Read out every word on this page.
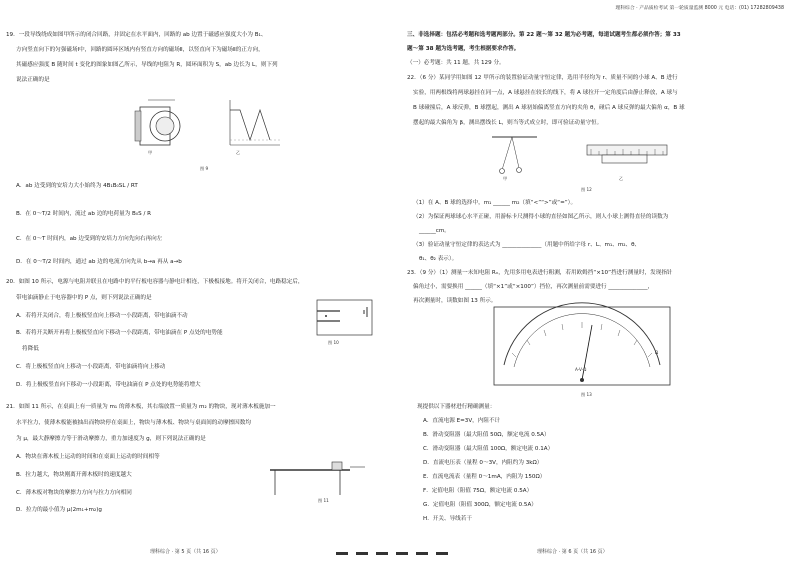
19．一段导线绕成如图甲所示的闭合回路，并固定在水平面内，回路的 ab 边置于磁感应强度大小为 B₁、
方向竖直向下的匀强磁场Ⅰ中，回路的圆环区域内有竖直方向的磁场Ⅱ，以竖直向下为磁场Ⅱ的正方向，
其磁感应强度 B 随时间 t 变化的图象如图乙所示，导线的电阻为 R，圆环面积为 S，ab 边长为 L，则下列
说法正确的是
甲	乙
图 9
A．ab 边受到的安培力大小始终为 4B₁B₀SL / RT
B．在 0～T/2 时间内，流过 ab 边的电荷量为 B₀S / R
C．在 0～T 时间内，ab 边受到的安培力方向先向右再向左
D．在 0～T/2 时间内，通过 ab 边的电流方向先从 b→a 再从 a→b
20．如图 10 所示，电源与电阻并联且在电路中的平行板电容器与静电计相连，下极板接地。将开关闭合，电路稳定后，
带电油滴静止于电容器中的 P 点，则下列说法正确的是
A．若将开关闭合，将上极板竖直向上移动一小段距离，带电油滴不动
B．若将开关断开再将上极板竖直向下移动一小段距离，带电油滴在 P 点处的电势能
将降低
C．将上极板竖直向上移动一小段距离，带电油滴将向上移动
D．将上极板竖直向下移动一小段距离，带电油滴在 P 点处的电势能将增大
图 10
21．如图 11 所示，在桌面上有一质量为 m₁ 的薄木板，其右端放置一质量为 m₂ 的物块，现对薄木板施加一
水平拉力，使薄木板能被抽出而物块停在桌面上，物块与薄木板、物块与桌面间的动摩擦因数均
为 μ，最大静摩擦力等于滑动摩擦力，重力加速度为 g，则下列说法正确的是
A．物块在薄木板上运动的时间和在桌面上运动的时间相等
B．拉力越大，物块刚离开薄木板时的速度越大
C．薄木板对物块的摩擦力方向与拉力方向相同
D．拉力的最小值为 μ(2m₁+m₂)g
图 11
理科综合 · 第 5 页（共 16 页）
理科综合 · 产品质检考试 第一轮质量监测 8000 元 电话：(01) 17282809438
三、非选择题：包括必考题和选考题两部分。第 22 题～第 32 题为必考题，每道试题考生都必须作答；第 33
题～第 38 题为选考题，考生根据要求作答。
（一）必考题：共 11 题，共 129 分。
22．（6 分）某同学用如图 12 甲所示的装置验证动量守恒定律，选用半径均为 r、质量不同的小球 A、B 进行
实验，用两根线将两球悬挂在同一点，A 球悬挂在较长的线下，将 A 球拉开一定角度后由静止释放，A 球与
B 球碰撞后，A 球反弹，B 球摆起，测出 A 球初始偏离竖直方向的夹角 θ，碰后 A 球反弹的最大偏角 α，B 球
摆起的最大偏角为 β，测出摆线长 L，则当等式成立时，即可验证动量守恒。
甲	乙
图 12
（1）在 A、B 球的选择中，m₁ ______ m₂（填“<”“>”或“=”）。
（2）为保证两球球心水平正碰，用游标卡尺测得小球的直径如图乙所示，则人小球上测得直径的读数为
______cm。
（3）验证动量守恒定律的表达式为 ______________（用题中所给字母 r、L、m₁、m₂、θ、
θ₁、θ₂ 表示）。
23．（9 分）（1）测量一未知电阻 Rₓ，先用多用电表进行粗测，若用欧姆挡“×10”挡进行测量时，发现指针
偏角过小，需要换用 ______（填“×1”或“×100”）挡位，再次测量前需要进行 ______________，
再次测量时，读数如图 13 所示。
A-V-Ω
Ω
图 13
现提供以下器材进行精确测量：
A．直流电源 E=3V，内阻不计
B．滑动变阻器（最大阻值 50Ω，额定电流 0.5A）
C．滑动变阻器（最大阻值 100Ω，额定电流 0.1A）
D．直流电压表（量程 0～3V，内阻约为 3kΩ）
E．直流电流表（量程 0～1mA，内阻为 150Ω）
F．定值电阻（阻值 75Ω，额定电流 0.5A）
G．定值电阻（阻值 300Ω，额定电流 0.5A）
H．开关、导线若干
理科综合 · 第 6 页（共 16 页）
